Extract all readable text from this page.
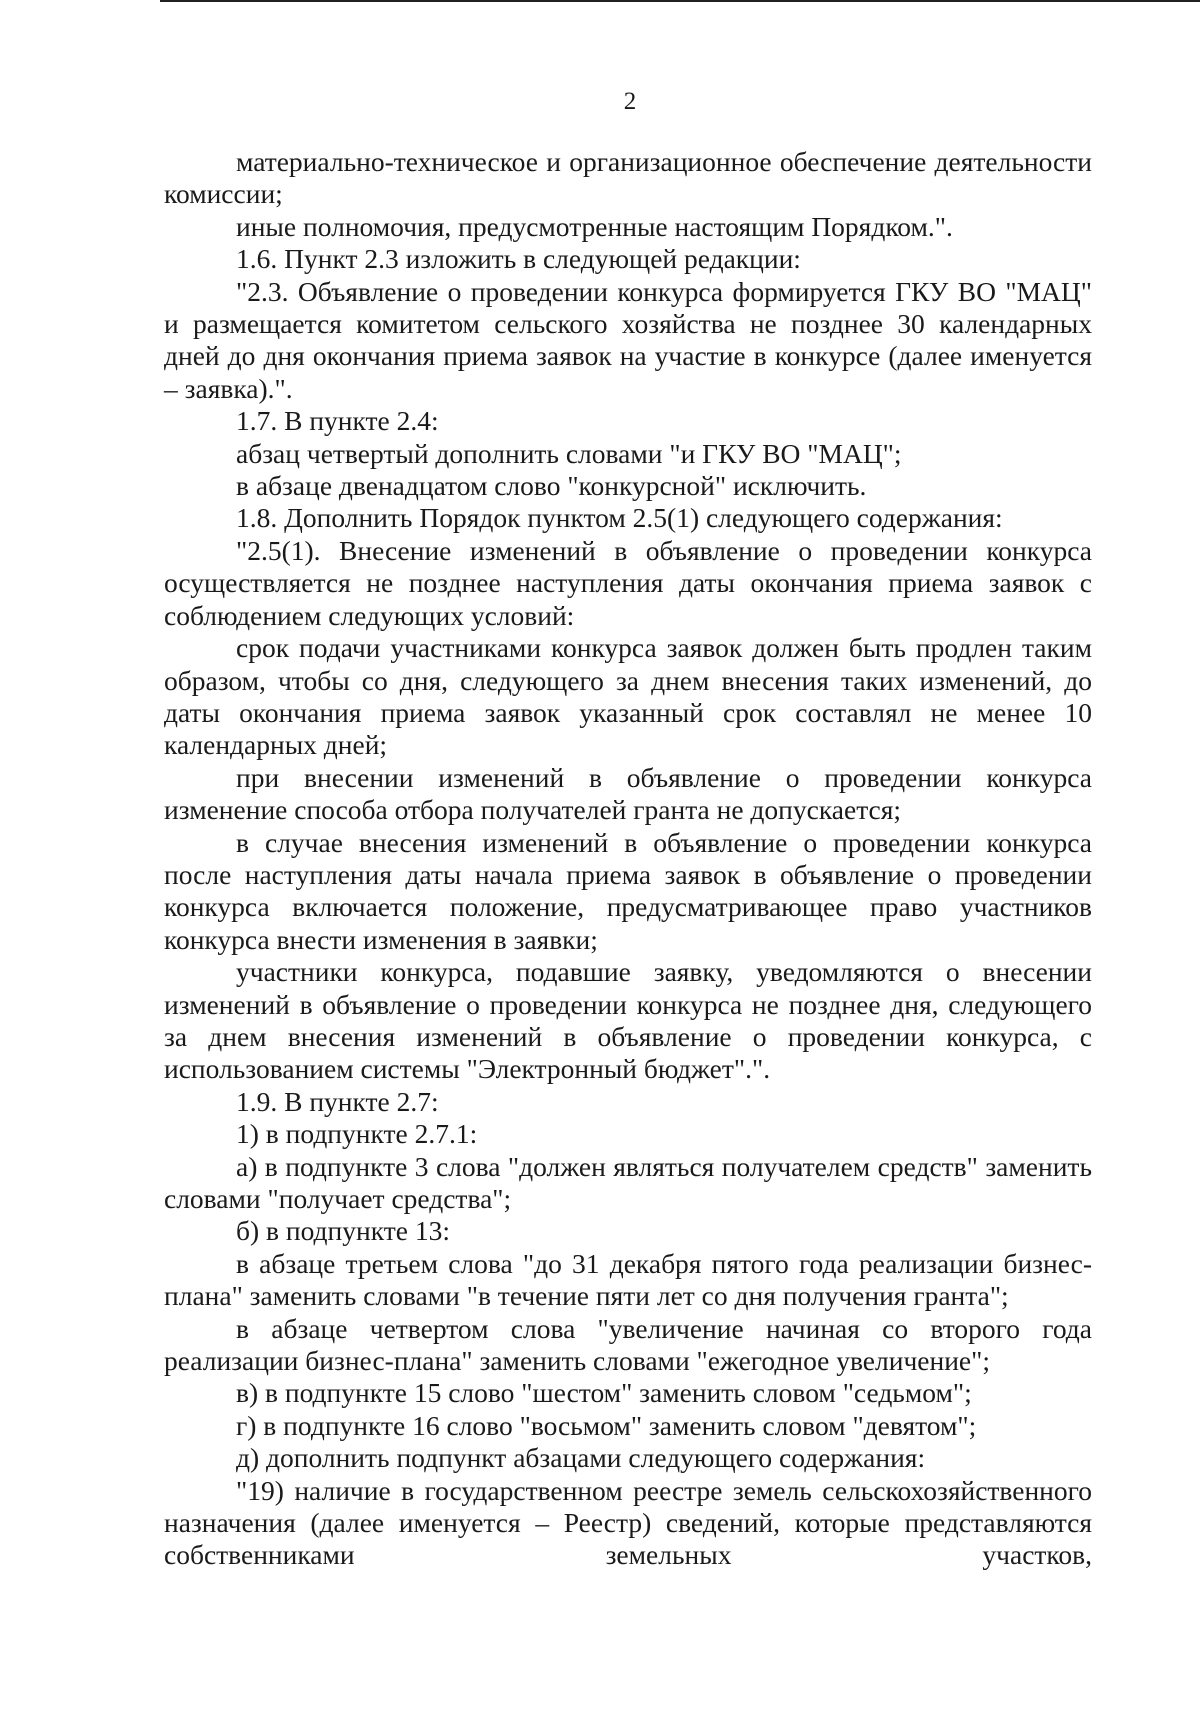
2

материально-техническое и организационное обеспечение деятельности комиссии;

иные полномочия, предусмотренные настоящим Порядком.".

1.6. Пункт 2.3 изложить в следующей редакции:

"2.3. Объявление о проведении конкурса формируется ГКУ ВО "МАЦ" и размещается комитетом сельского хозяйства не позднее 30 календарных дней до дня окончания приема заявок на участие в конкурсе (далее именуется – заявка).".

1.7. В пункте 2.4:

абзац четвертый дополнить словами "и ГКУ ВО "МАЦ";

в абзаце двенадцатом слово "конкурсной" исключить.

1.8. Дополнить Порядок пунктом 2.5(1) следующего содержания:

"2.5(1). Внесение изменений в объявление о проведении конкурса осуществляется не позднее наступления даты окончания приема заявок с соблюдением следующих условий:

срок подачи участниками конкурса заявок должен быть продлен таким образом, чтобы со дня, следующего за днем внесения таких изменений, до даты окончания приема заявок указанный срок составлял не менее 10 календарных дней;

при внесении изменений в объявление о проведении конкурса изменение способа отбора получателей гранта не допускается;

в случае внесения изменений в объявление о проведении конкурса после наступления даты начала приема заявок в объявление о проведении конкурса включается положение, предусматривающее право участников конкурса внести изменения в заявки;

участники конкурса, подавшие заявку, уведомляются о внесении изменений в объявление о проведении конкурса не позднее дня, следующего за днем внесения изменений в объявление о проведении конкурса, с использованием системы "Электронный бюджет".".

1.9. В пункте 2.7:

1) в подпункте 2.7.1:

а) в подпункте 3 слова "должен являться получателем средств" заменить словами "получает средства";

б) в подпункте 13:

в абзаце третьем слова "до 31 декабря пятого года реализации бизнес-плана" заменить словами "в течение пяти лет со дня получения гранта";

в абзаце четвертом слова "увеличение начиная со второго года реализации бизнес-плана" заменить словами "ежегодное увеличение";

в) в подпункте 15 слово "шестом" заменить словом "седьмом";

г) в подпункте 16 слово "восьмом" заменить словом "девятом";

д) дополнить подпункт абзацами следующего содержания:

"19) наличие в государственном реестре земель сельскохозяйственного назначения (далее именуется – Реестр) сведений, которые представляются собственниками земельных участков,
